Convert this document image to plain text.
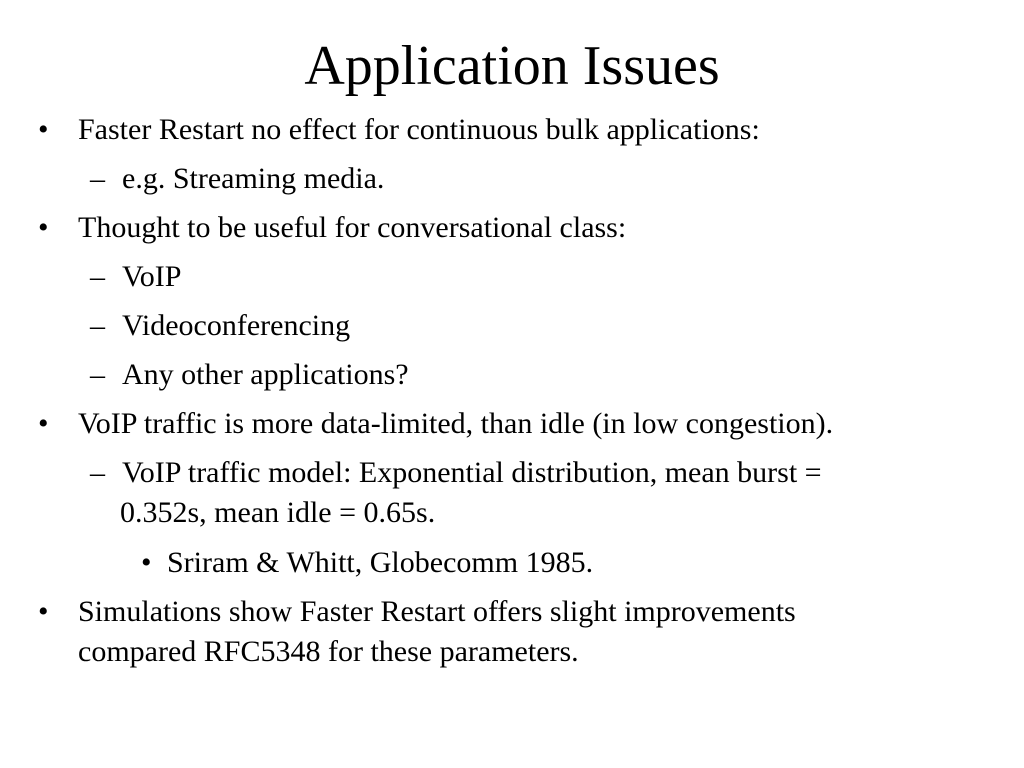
Application Issues
• Faster Restart no effect for continuous bulk applications:
– e.g. Streaming media.
• Thought to be useful for conversational class:
– VoIP
– Videoconferencing
– Any other applications?
• VoIP traffic is more data-limited, than idle (in low congestion).
– VoIP traffic model: Exponential distribution, mean burst =
0.352s, mean idle = 0.65s.
• Sriram & Whitt, Globecomm 1985.
• Simulations show Faster Restart offers slight improvements
compared RFC5348 for these parameters.
